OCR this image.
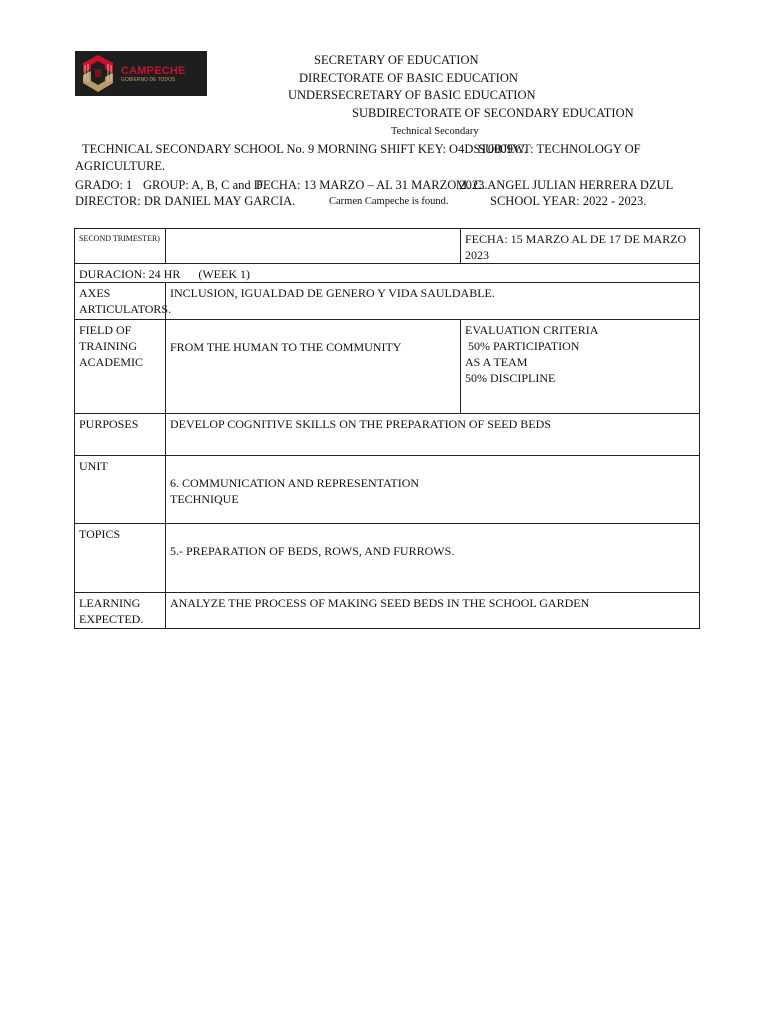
CAMPECHE
GOBIERNO DE TODOS
SECRETARY OF EDUCATION
DIRECTORATE OF BASIC EDUCATION
UNDERSECRETARY OF BASIC EDUCATION
SUBDIRECTORATE OF SECONDARY EDUCATION
Technical Secondary
TECHNICAL SECONDARY SCHOOL No. 9 MORNING SHIFT KEY: O4DST0009W.
SUBJECT: TECHNOLOGY OF
AGRICULTURE.
GRADO: 1 GROUP: A, B, C and D.
FECHA: 13 MARZO – AL 31 MARZO 2023.
M. C. ANGEL JULIAN HERRERA DZUL
DIRECTOR: DR DANIEL MAY GARCIA.	Carmen Campeche is found.	SCHOOL YEAR: 2022 - 2023.
SECOND TRIMESTER)		FECHA: 15 MARZO AL DE 17 DE MARZO 2023
DURACION: 24 HR      (WEEK 1)		
AXES
ARTICULATORS.	INCLUSION, IGUALDAD DE GENERO Y VIDA SAULDABLE.	
FIELD OF
TRAINING
ACADEMIC	FROM THE HUMAN TO THE COMMUNITY	EVALUATION CRITERIA
50% PARTICIPATION
AS A TEAM
50% DISCIPLINE
PURPOSES	DEVELOP COGNITIVE SKILLS ON THE PREPARATION OF SEED BEDS	
UNIT	6. COMMUNICATION AND REPRESENTATION
TECHNIQUE	
TOPICS	5.- PREPARATION OF BEDS, ROWS, AND FURROWS.	
LEARNING
EXPECTED.	ANALYZE THE PROCESS OF MAKING SEED BEDS IN THE SCHOOL GARDEN	
